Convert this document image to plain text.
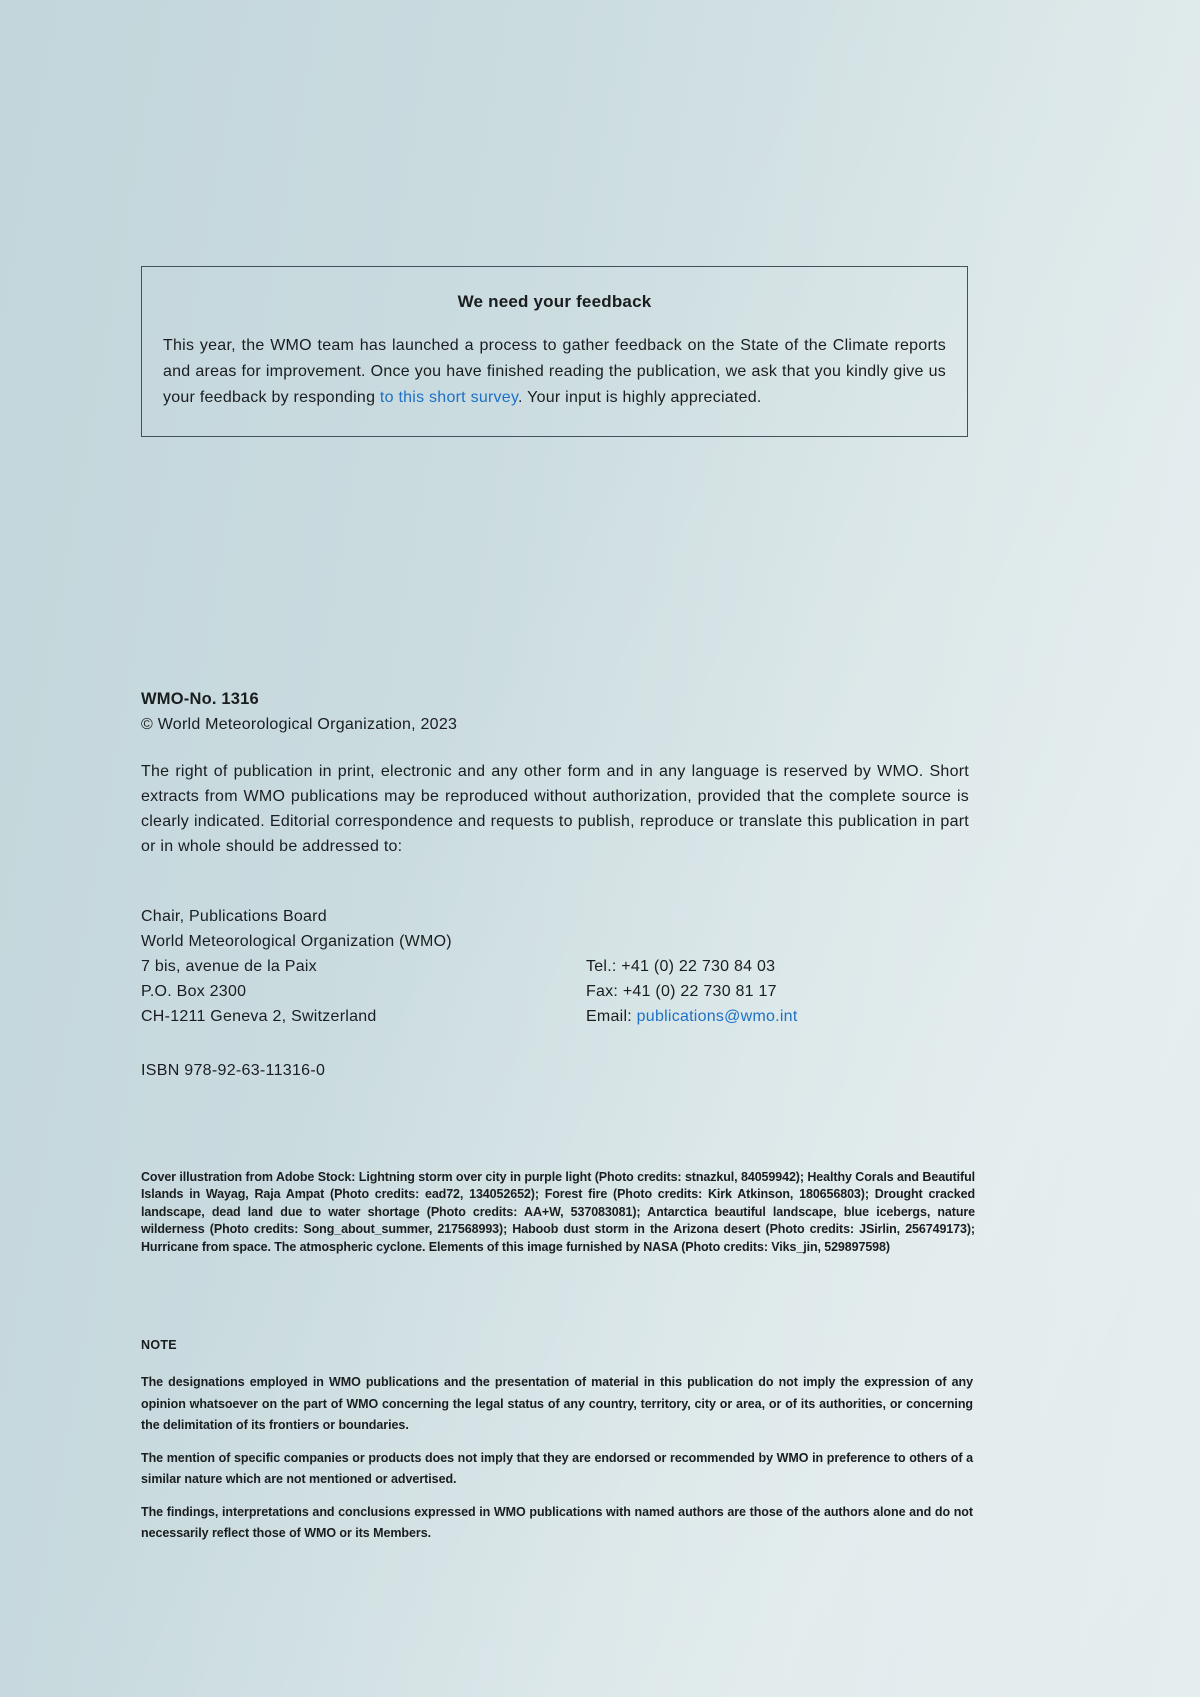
We need your feedback

This year, the WMO team has launched a process to gather feedback on the State of the Climate reports and areas for improvement. Once you have finished reading the publication, we ask that you kindly give us your feedback by responding to this short survey. Your input is highly appreciated.

WMO-No. 1316
© World Meteorological Organization, 2023

The right of publication in print, electronic and any other form and in any language is reserved by WMO. Short extracts from WMO publications may be reproduced without authorization, provided that the complete source is clearly indicated. Editorial correspondence and requests to publish, reproduce or translate this publication in part or in whole should be addressed to:

Chair, Publications Board
World Meteorological Organization (WMO)
7 bis, avenue de la Paix
P.O. Box 2300
CH-1211 Geneva 2, Switzerland
Tel.: +41 (0) 22 730 84 03
Fax: +41 (0) 22 730 81 17
Email: publications@wmo.int
ISBN 978-92-63-11316-0

Cover illustration from Adobe Stock: Lightning storm over city in purple light (Photo credits: stnazkul, 84059942); Healthy Corals and Beautiful Islands in Wayag, Raja Ampat (Photo credits: ead72, 134052652); Forest fire (Photo credits: Kirk Atkinson, 180656803); Drought cracked landscape, dead land due to water shortage (Photo credits: AA+W, 537083081); Antarctica beautiful landscape, blue icebergs, nature wilderness (Photo credits: Song_about_summer, 217568993); Haboob dust storm in the Arizona desert (Photo credits: JSirlin, 256749173); Hurricane from space. The atmospheric cyclone. Elements of this image furnished by NASA (Photo credits: Viks_jin, 529897598)

NOTE

The designations employed in WMO publications and the presentation of material in this publication do not imply the expression of any opinion whatsoever on the part of WMO concerning the legal status of any country, territory, city or area, or of its authorities, or concerning the delimitation of its frontiers or boundaries.

The mention of specific companies or products does not imply that they are endorsed or recommended by WMO in preference to others of a similar nature which are not mentioned or advertised.

The findings, interpretations and conclusions expressed in WMO publications with named authors are those of the authors alone and do not necessarily reflect those of WMO or its Members.
